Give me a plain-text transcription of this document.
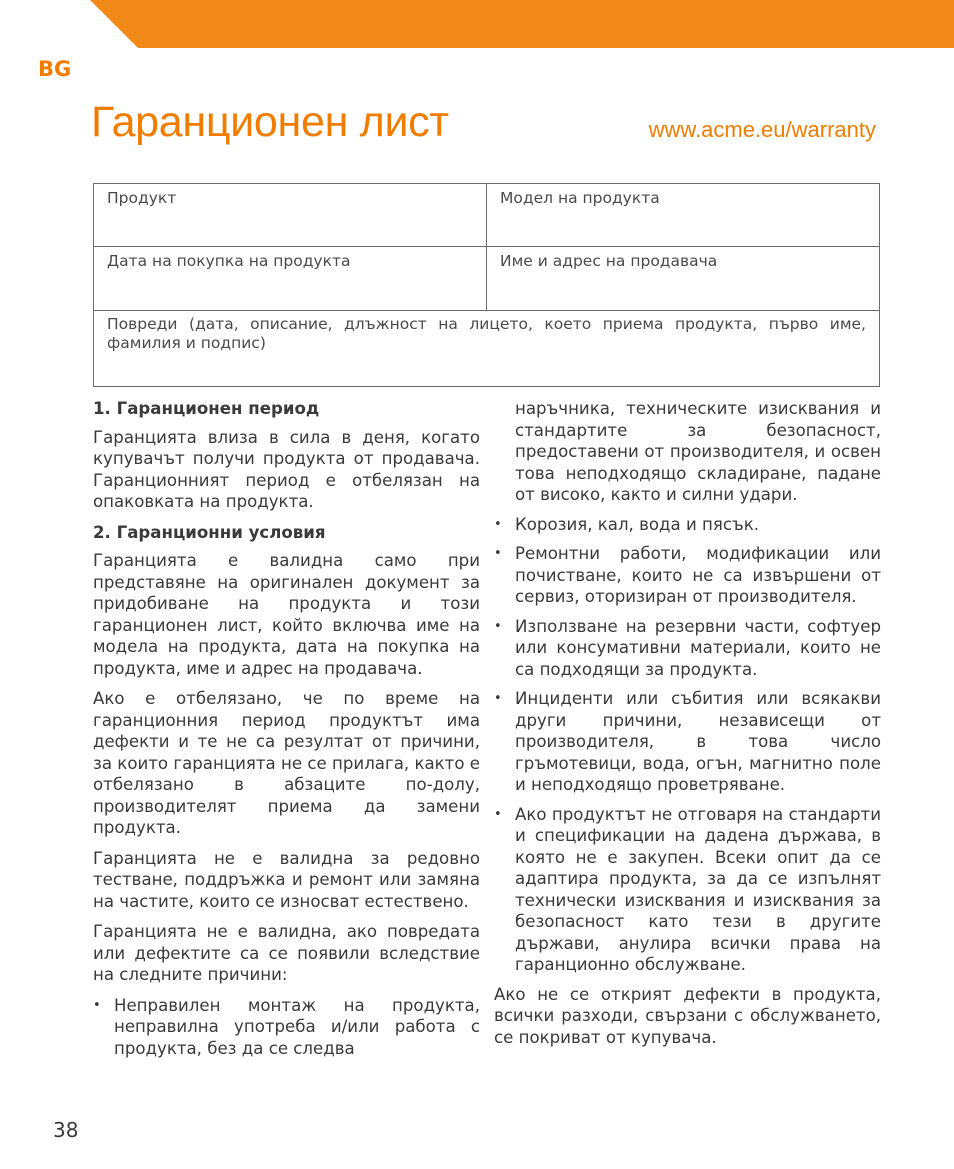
BG
Гаранционен лист	www.acme.eu/warranty
Продукт	Модел на продукта
Дата на покупка на продукта	Име и адрес на продавача
Повреди (дата, описание, длъжност на лицето, което приема продукта, първо име, фамилия и подпис)
1. Гаранционен период
Гаранцията влиза в сила в деня, когато купувачът получи продукта от продавача. Гаранционният период е отбелязан на опаковката на продукта.
2. Гаранционни условия
Гаранцията е валидна само при представяне на оригинален документ за придобиване на продукта и този гаранционен лист, който включва име на модела на продукта, дата на покупка на продукта, име и адрес на продавача.
Ако е отбелязано, че по време на гаранционния период продуктът има дефекти и те не са резултат от причини, за които гаранцията не се прилага, както е отбелязано в абзаците по-долу, производителят приема да замени продукта.
Гаранцията не е валидна за редовно тестване, поддръжка и ремонт или замяна на частите, които се износват естествено.
Гаранцията не е валидна, ако повредата или дефектите са се появили вследствие на следните причини:
• Неправилен монтаж на продукта, неправилна употреба и/или работа с продукта, без да се следва
наръчника, техническите изисквания и стандартите за безопасност, предоставени от производителя, и освен това неподходящо складиране, падане от високо, както и силни удари.
• Корозия, кал, вода и пясък.
• Ремонтни работи, модификации или почистване, които не са извършени от сервиз, оторизиран от производителя.
• Използване на резервни части, софтуер или консумативни материали, които не са подходящи за продукта.
• Инциденти или събития или всякакви други причини, независещи от производителя, в това число гръмотевици, вода, огън, магнитно поле и неподходящо проветряване.
• Ако продуктът не отговаря на стандарти и спецификации на дадена държава, в която не е закупен. Всеки опит да се адаптира продукта, за да се изпълнят технически изисквания и изисквания за безопасност като тези в другите държави, анулира всички права на гаранционно обслужване.
Ако не се открият дефекти в продукта, всички разходи, свързани с обслужването, се покриват от купувача.
38
